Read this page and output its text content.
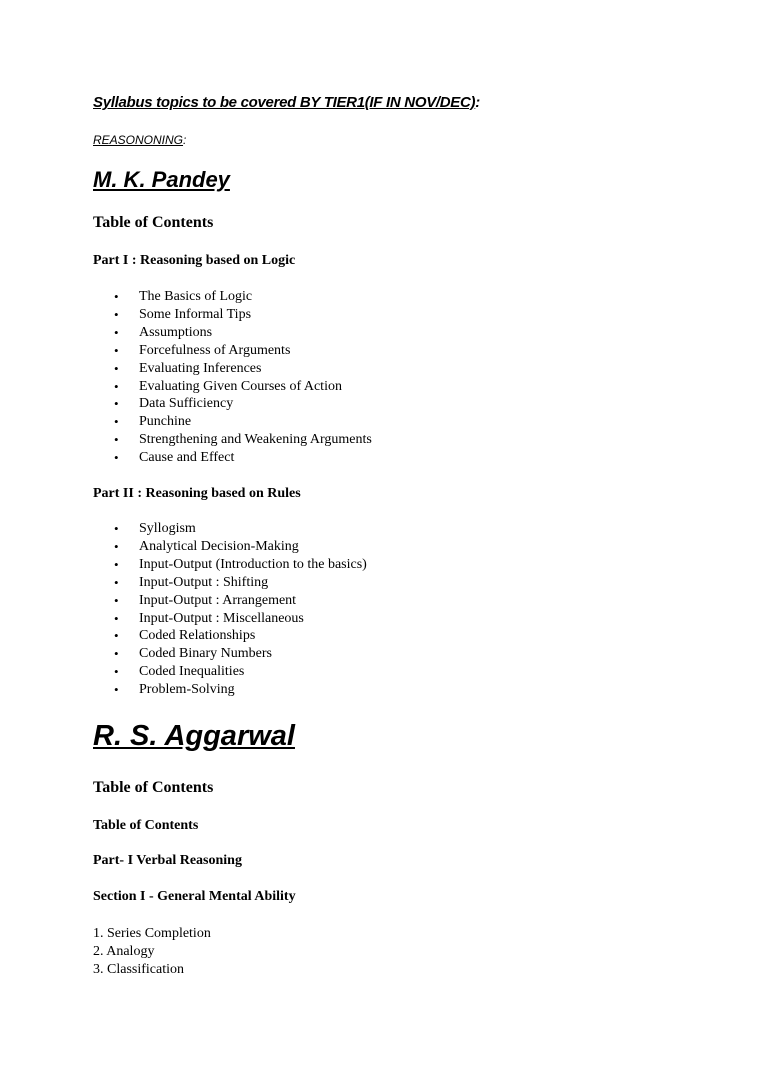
Syllabus topics to be covered BY TIER1(IF IN NOV/DEC):
REASONONING:
M. K. Pandey
Table of Contents
Part I : Reasoning based on Logic
• The Basics of Logic
• Some Informal Tips
• Assumptions
• Forcefulness of Arguments
• Evaluating Inferences
• Evaluating Given Courses of Action
• Data Sufficiency
• Punchine
• Strengthening and Weakening Arguments
• Cause and Effect
Part II : Reasoning based on Rules
• Syllogism
• Analytical Decision-Making
• Input-Output (Introduction to the basics)
• Input-Output : Shifting
• Input-Output : Arrangement
• Input-Output : Miscellaneous
• Coded Relationships
• Coded Binary Numbers
• Coded Inequalities
• Problem-Solving
R. S. Aggarwal
Table of Contents
Table of Contents
Part- I Verbal Reasoning
Section I - General Mental Ability
1. Series Completion
2. Analogy
3. Classification
